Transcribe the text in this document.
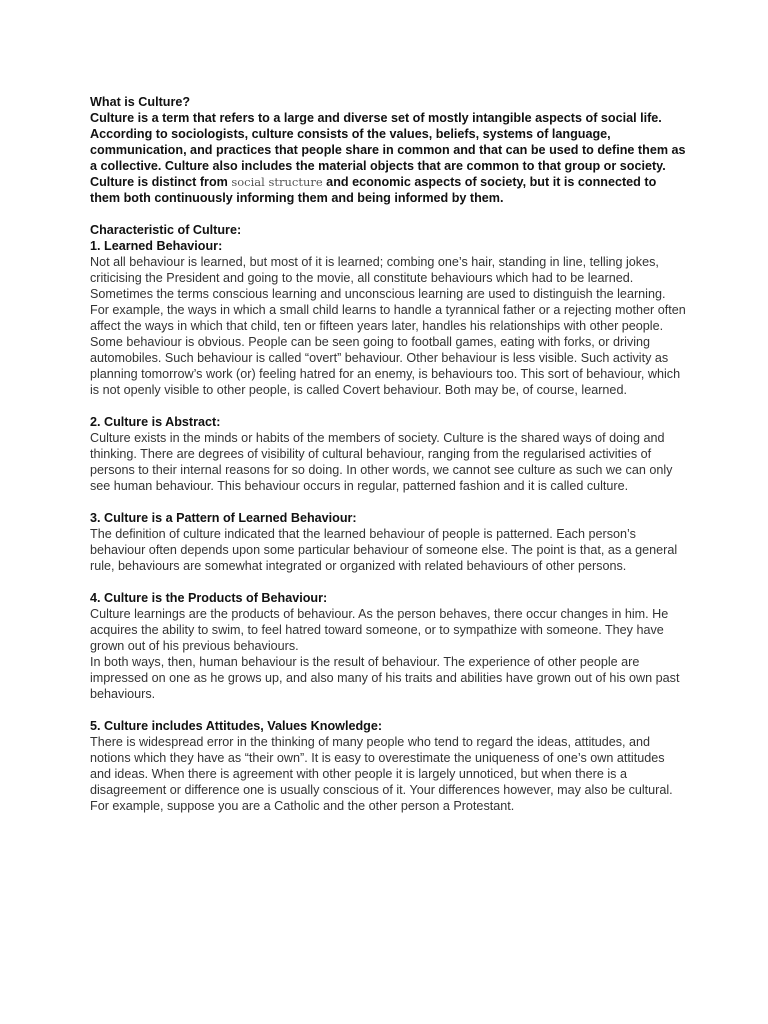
What is Culture?

Culture is a term that refers to a large and diverse set of mostly intangible aspects of social life. According to sociologists, culture consists of the values, beliefs, systems of language, communication, and practices that people share in common and that can be used to define them as a collective. Culture also includes the material objects that are common to that group or society. Culture is distinct from social structure and economic aspects of society, but it is connected to them both continuously informing them and being informed by them.

Characteristic of Culture:

1. Learned Behaviour:

Not all behaviour is learned, but most of it is learned; combing one’s hair, standing in line, telling jokes, criticising the President and going to the movie, all constitute behaviours which had to be learned.

Sometimes the terms conscious learning and unconscious learning are used to distinguish the learning. For example, the ways in which a small child learns to handle a tyrannical father or a rejecting mother often affect the ways in which that child, ten or fifteen years later, handles his relationships with other people.

Some behaviour is obvious. People can be seen going to football games, eating with forks, or driving automobiles. Such behaviour is called “overt” behaviour. Other behaviour is less visible. Such activity as planning tomorrow’s work (or) feeling hatred for an enemy, is behaviours too. This sort of behaviour, which is not openly visible to other people, is called Covert behaviour. Both may be, of course, learned.

2. Culture is Abstract:

Culture exists in the minds or habits of the members of society. Culture is the shared ways of doing and thinking. There are degrees of visibility of cultural behaviour, ranging from the regularised activities of persons to their internal reasons for so doing. In other words, we cannot see culture as such we can only see human behaviour. This behaviour occurs in regular, patterned fashion and it is called culture.

3. Culture is a Pattern of Learned Behaviour:

The definition of culture indicated that the learned behaviour of people is patterned. Each person’s behaviour often depends upon some particular behaviour of someone else. The point is that, as a general rule, behaviours are somewhat integrated or organized with related behaviours of other persons.

4. Culture is the Products of Behaviour:

Culture learnings are the products of behaviour. As the person behaves, there occur changes in him. He acquires the ability to swim, to feel hatred toward someone, or to sympathize with someone. They have grown out of his previous behaviours.

In both ways, then, human behaviour is the result of behaviour. The experience of other people are impressed on one as he grows up, and also many of his traits and abilities have grown out of his own past behaviours.

5. Culture includes Attitudes, Values Knowledge:

There is widespread error in the thinking of many people who tend to regard the ideas, attitudes, and notions which they have as “their own”. It is easy to overestimate the uniqueness of one’s own attitudes and ideas. When there is agreement with other people it is largely unnoticed, but when there is a disagreement or difference one is usually conscious of it. Your differences however, may also be cultural. For example, suppose you are a Catholic and the other person a Protestant.
